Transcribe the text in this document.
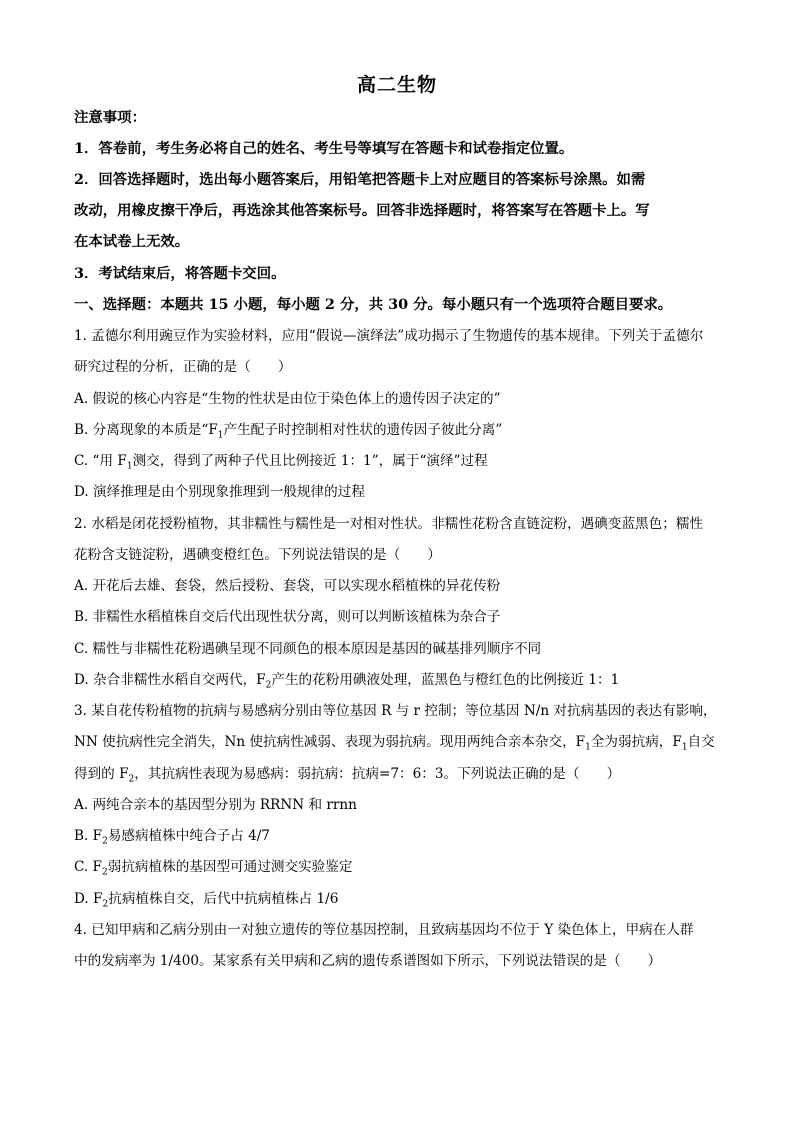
高二生物
注意事项：
1．答卷前，考生务必将自己的姓名、考生号等填写在答题卡和试卷指定位置。
2．回答选择题时，选出每小题答案后，用铅笔把答题卡上对应题目的答案标号涂黑。如需
改动，用橡皮擦干净后，再选涂其他答案标号。回答非选择题时，将答案写在答题卡上。写
在本试卷上无效。
3．考试结束后，将答题卡交回。
一、选择题：本题共 15 小题，每小题 2 分，共 30 分。每小题只有一个选项符合题目要求。
1. 孟德尔利用豌豆作为实验材料，应用“假说—演绎法”成功揭示了生物遗传的基本规律。下列关于孟德尔
研究过程的分析，正确的是（　　）
A. 假说的核心内容是“生物的性状是由位于染色体上的遗传因子决定的”
B. 分离现象的本质是“$F_1$产生配子时控制相对性状的遗传因子彼此分离”
C. “用 $F_1$测交，得到了两种子代且比例接近 1：1”，属于“演绎”过程
D. 演绎推理是由个别现象推理到一般规律的过程
2. 水稻是闭花授粉植物，其非糯性与糯性是一对相对性状。非糯性花粉含直链淀粉，遇碘变蓝黑色；糯性
花粉含支链淀粉，遇碘变橙红色。下列说法错误的是（　　）
A. 开花后去雄、套袋，然后授粉、套袋，可以实现水稻植株的异花传粉
B. 非糯性水稻植株自交后代出现性状分离，则可以判断该植株为杂合子
C. 糯性与非糯性花粉遇碘呈现不同颜色的根本原因是基因的碱基排列顺序不同
D. 杂合非糯性水稻自交两代，$F_2$产生的花粉用碘液处理，蓝黑色与橙红色的比例接近 1：1
3. 某自花传粉植物的抗病与易感病分别由等位基因 R 与 r 控制；等位基因 N/n 对抗病基因的表达有影响，
NN 使抗病性完全消失，Nn 使抗病性减弱、表现为弱抗病。现用两纯合亲本杂交，$F_1$全为弱抗病，$F_1$自交
得到的 $F_2$，其抗病性表现为易感病：弱抗病：抗病=7：6：3。下列说法正确的是（　　）
A. 两纯合亲本的基因型分别为 RRNN 和 rrnn
B. $F_2$易感病植株中纯合子占 4/7
C. $F_2$弱抗病植株的基因型可通过测交实验鉴定
D. $F_2$抗病植株自交，后代中抗病植株占 1/6
4. 已知甲病和乙病分别由一对独立遗传的等位基因控制，且致病基因均不位于 Y 染色体上，甲病在人群
中的发病率为 1/400。某家系有关甲病和乙病的遗传系谱图如下所示，下列说法错误的是（　　）
